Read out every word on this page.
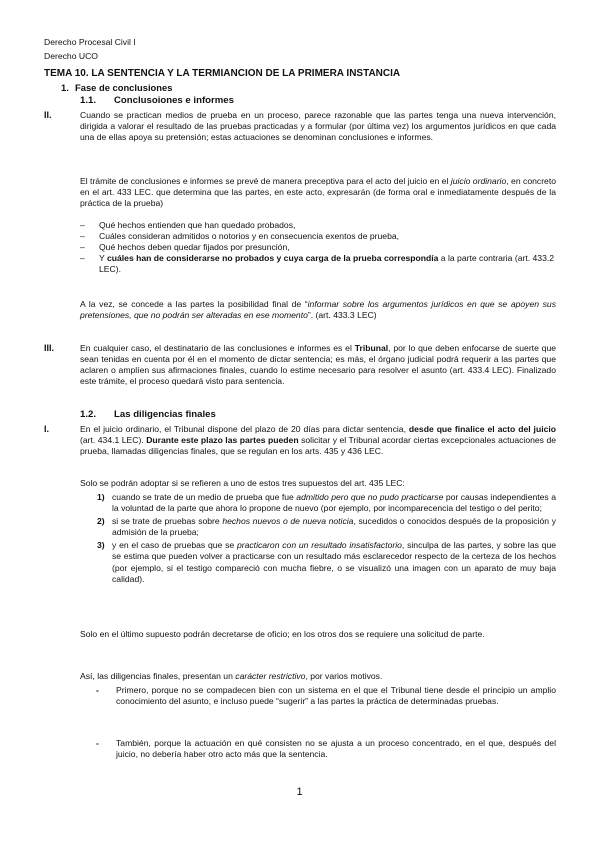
Derecho Procesal Civil I
Derecho UCO
TEMA 10. LA SENTENCIA Y LA TERMIANCION DE LA PRIMERA INSTANCIA
1. Fase de conclusiones
1.1. Conclusoiones e informes
II.	Cuando se practican medios de prueba en un proceso, parece razonable que las partes tenga una nueva intervención, dirigida a valorar el resultado de las pruebas practicadas y a formular (por última vez) los argumentos jurídicos en que cada una de ellas apoya su pretensión; estas actuaciones se denominan conclusiones e informes.

El trámite de conclusiones e informes se prevé de manera preceptiva para el acto del juicio en el juicio ordinario, en concreto en el art. 433 LEC. que determina que las partes, en este acto, expresarán (de forma oral e inmediatamente después de la práctica de la prueba)

– Qué hechos entienden que han quedado probados,
– Cuáles consideran admitidos o notorios y en consecuencia exentos de prueba,
– Qué hechos deben quedar fijados por presunción,
– Y cuáles han de considerarse no probados y cuya carga de la prueba correspondía a la parte contraria (art. 433.2 LEC).

A la vez, se concede a las partes la posibilidad final de “informar sobre los argumentos jurídicos en que se apoyen sus pretensiones, que no podrán ser alteradas en ese momento”. (art. 433.3 LEC)

III.	En cualquier caso, el destinatario de las conclusiones e informes es el Tribunal, por lo que deben enfocarse de suerte que sean tenidas en cuenta por él en el momento de dictar sentencia; es más, el órgano judicial podrá requerir a las partes que aclaren o amplíen sus afirmaciones finales, cuando lo estime necesario para resolver el asunto (art. 433.4 LEC). Finalizado este trámite, el proceso quedará visto para sentencia.

1.2. Las diligencias finales
I.	En el juicio ordinario, el Tribunal dispone del plazo de 20 días para dictar sentencia, desde que finalice el acto del juicio (art. 434.1 LEC). Durante este plazo las partes pueden solicitar y el Tribunal acordar ciertas excepcionales actuaciones de prueba, llamadas diligencias finales, que se regulan en los arts. 435 y 436 LEC.

Solo se podrán adoptar si se refieren a uno de estos tres supuestos del art. 435 LEC:

1) cuando se trate de un medio de prueba que fue admitido pero que no pudo practicarse por causas independientes a la voluntad de la parte que ahora lo propone de nuevo (por ejemplo, por incomparecencia del testigo o del perito;
2) si se trate de pruebas sobre hechos nuevos o de nueva noticia, sucedidos o conocidos después de la proposición y admisión de la prueba;
3) y en el caso de pruebas que se practicaron con un resultado insatisfactorio, sinculpa de las partes, y sobre las que se estima que pueden volver a practicarse con un resultado más esclarecedor respecto de la certeza de los hechos (por ejemplo, si el testigo compareció con mucha fiebre, o se visualizó una imagen con un aparato de muy baja calidad).

Solo en el último supuesto podrán decretarse de oficio; en los otros dos se requiere una solicitud de parte.

Así, las diligencias finales, presentan un carácter restrictivo, por varios motivos.

- Primero, porque no se compadecen bien con un sistema en el que el Tribunal tiene desde el principio un amplio conocimiento del asunto, e incluso puede “sugerir” a las partes la práctica de determinadas pruebas.
- También, porque la actuación en qué consisten no se ajusta a un proceso concentrado, en el que, después del juicio, no debería haber otro acto más que la sentencia.
1
